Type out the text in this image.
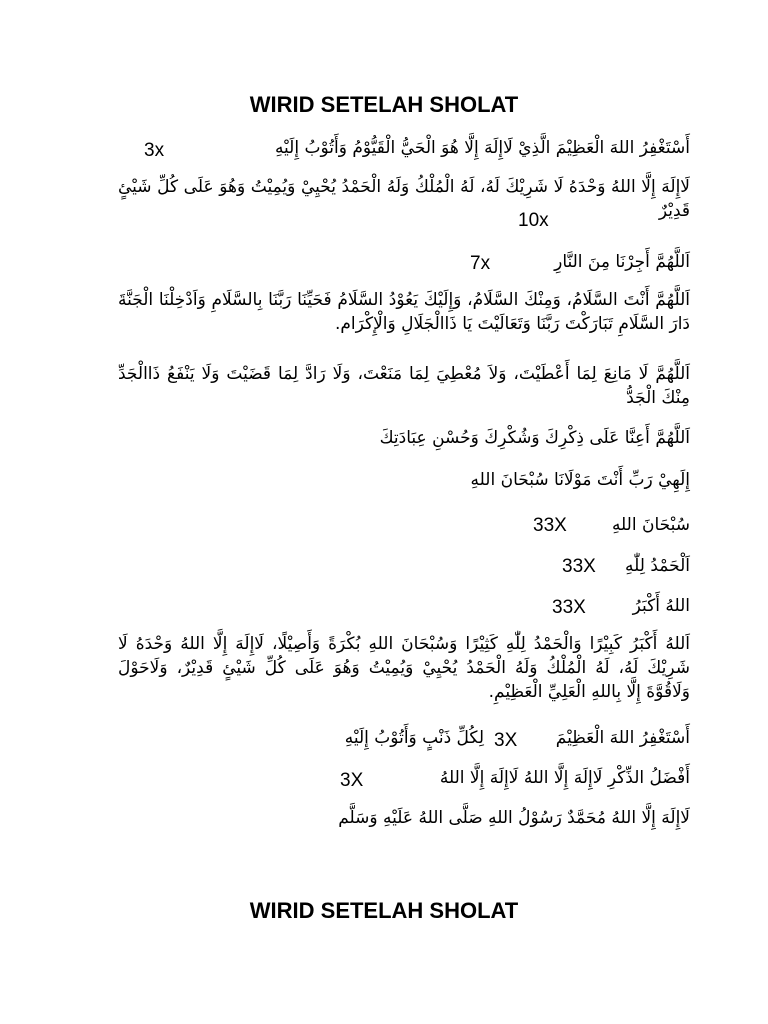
WIRID SETELAH SHOLAT
أَسْتَغْفِرُ اللهَ الْعَظِيْمَ الَّذِيْ لَاإِلَهَ إِلَّا هُوَ الْحَيُّ الْقَيُّوْمُ وَأَتُوْبُ إِلَيْهِ
3x
لَاإِلَهَ إِلَّا اللهُ وَحْدَهُ لَا شَرِيْكَ لَهُ، لَهُ الْمُلْكُ وَلَهُ الْحَمْدُ يُحْيِيْ وَيُمِيْتُ وَهُوَ عَلَى كُلِّ شَيْئٍ قَدِيْرٌ
10x
اَللَّهُمَّ أَجِرْنَا مِنَ النَّارِ
7x
اَللَّهُمَّ أَنْتَ السَّلَامُ، وَمِنْكَ السَّلَامُ، وَإِلَيْكَ يَعُوْدُ السَّلَامُ فَحَيِّنَا رَبَّنَا بِالسَّلَامِ وَاَدْخِلْنَا الْجَنَّةَ دَارَ السَّلَامِ تَبَارَكْتَ رَبَّنَا وَتَعَالَيْتَ يَا ذَاالْجَلَالِ وَالْإِكْرَام.
اَللَّهُمَّ لَا مَانِعَ لِمَا أَعْطَيْتَ، وَلاَ مُعْطِيَ لِمَا مَنَعْتَ، وَلَا رَادَّ لِمَا قَضَيْتَ وَلَا يَنْفَعُ ذَاالْجَدِّ مِنْكَ الْجَدُّ
اَللَّهُمَّ أَعِنَّا عَلَى ذِكْرِكَ وَشُكْرِكَ وَحُسْنِ عِبَادَتِكَ
إِلَهِيْ رَبِّ أَنْتَ مَوْلَانَا سُبْحَانَ اللهِ
سُبْحَانَ اللهِ
33X
اَلْحَمْدُ لِلّٰهِ
33X
اللهُ أَكْبَرُ
33X
اَللهُ أَكْبَرُ كَبِيْرًا وَالْحَمْدُ لِلّٰهِ كَثِيْرًا وَسُبْحَانَ اللهِ بُكْرَةً وَأَصِيْلًا، لَاإِلَهَ إِلَّا اللهُ وَحْدَهُ لَا شَرِيْكَ لَهُ، لَهُ الْمُلْكُ وَلَهُ الْحَمْدُ يُحْيِيْ وَيُمِيْتُ وَهُوَ عَلَى كُلِّ شَيْئٍ قَدِيْرٌ، وَلَاحَوْلَ وَلَاقُوَّةَ إِلَّا بِاللهِ الْعَلِيِّ الْعَظِيْمِ.
أَسْتَغْفِرُ اللهَ الْعَظِيْمَ
3X
لِكُلِّ ذَنْبٍ وَأَتُوْبُ إِلَيْهِ
أَفْضَلُ الذِّكْرِ لَاإِلَهَ إِلَّا اللهُ لَاإِلَهَ إِلَّا اللهُ
3X
لَاإِلَهَ إِلَّا اللهُ مُحَمَّدٌ رَسُوْلُ اللهِ صَلَّى اللهُ عَلَيْهِ وَسَلَّم
WIRID SETELAH SHOLAT
